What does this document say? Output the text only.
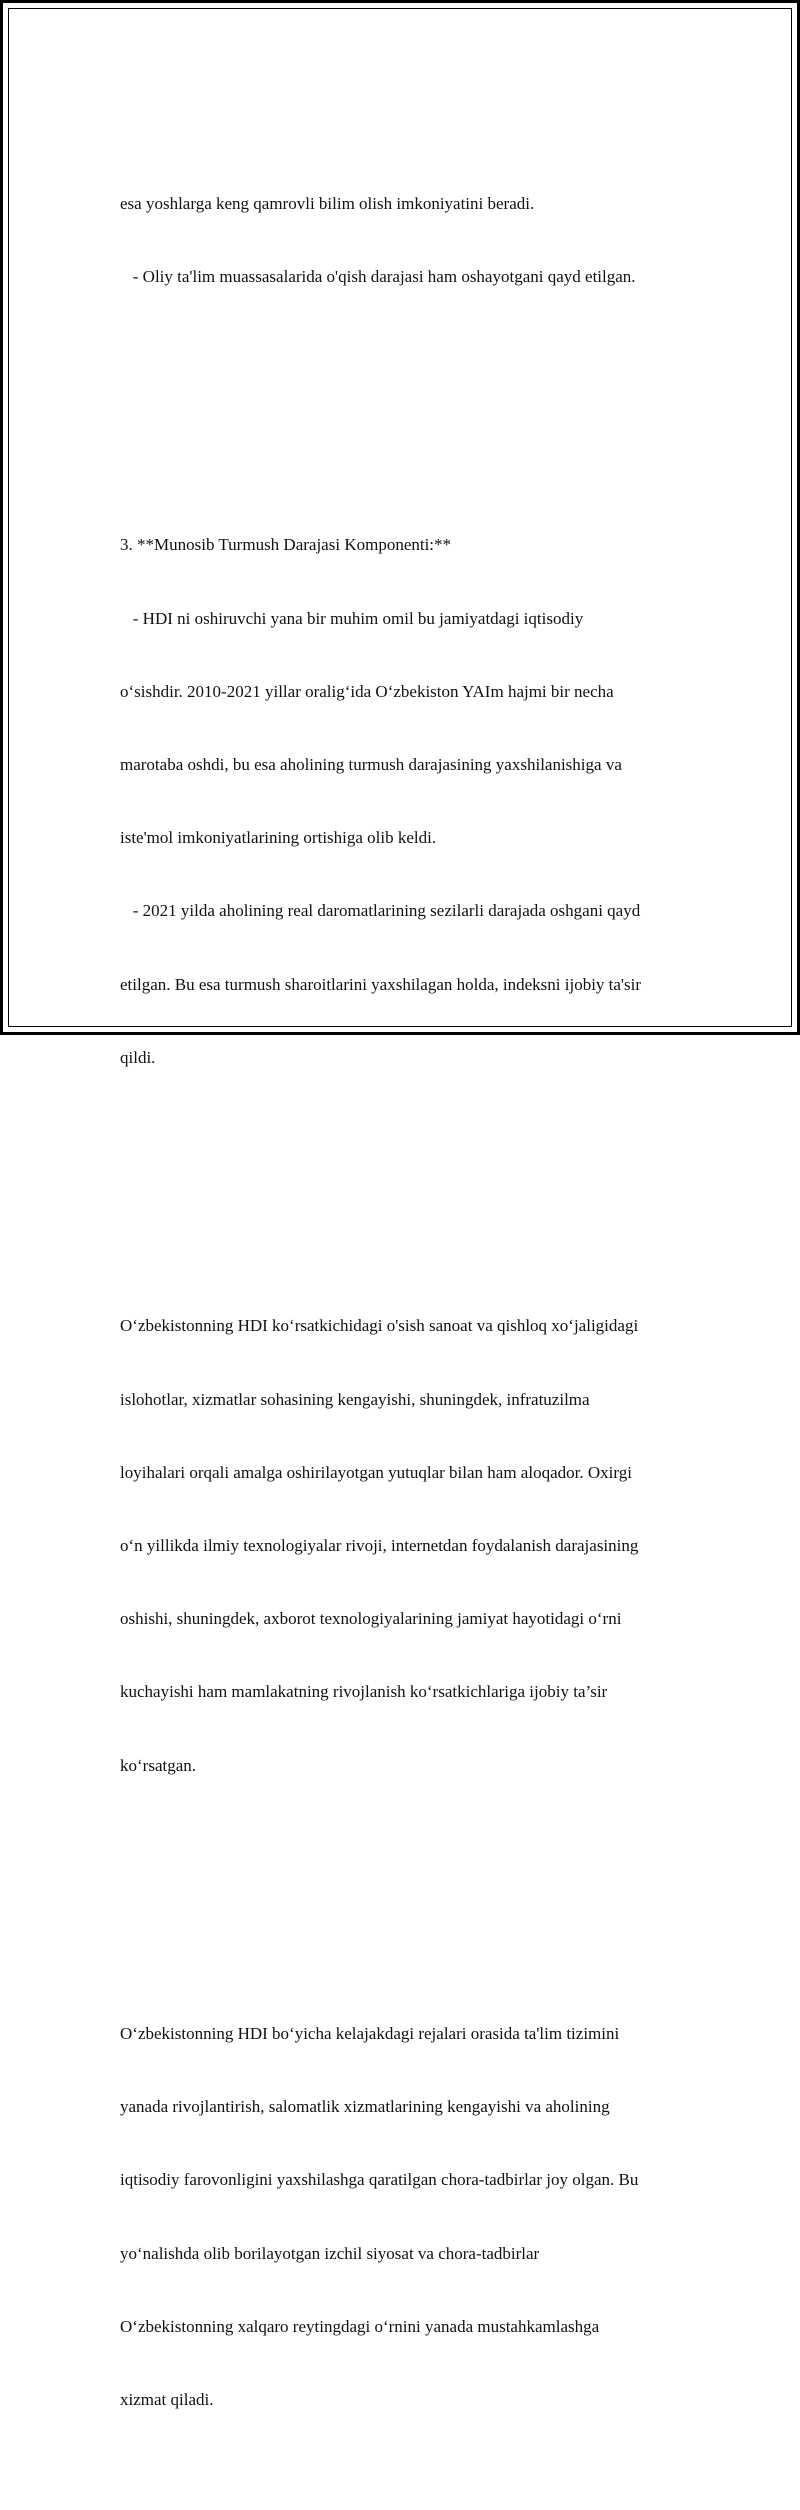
esa yoshlarga keng qamrovli bilim olish imkoniyatini beradi.

- Oliy ta'lim muassasalarida o'qish darajasi ham oshayotgani qayd etilgan.

3. **Munosib Turmush Darajasi Komponenti:**

- HDI ni oshiruvchi yana bir muhim omil bu jamiyatdagi iqtisodiy

o‘sishdir. 2010-2021 yillar oralig‘ida O‘zbekiston YAIm hajmi bir necha

marotaba oshdi, bu esa aholining turmush darajasining yaxshilanishiga va

iste'mol imkoniyatlarining ortishiga olib keldi.

- 2021 yilda aholining real daromatlarining sezilarli darajada oshgani qayd

etilgan. Bu esa turmush sharoitlarini yaxshilagan holda, indeksni ijobiy ta'sir

qildi.

O‘zbekistonning HDI ko‘rsatkichidagi o'sish sanoat va qishloq xo‘jaligidagi

islohotlar, xizmatlar sohasining kengayishi, shuningdek, infratuzilma

loyihalari orqali amalga oshirilayotgan yutuqlar bilan ham aloqador. Oxirgi

o‘n yillikda ilmiy texnologiyalar rivoji, internetdan foydalanish darajasining

oshishi, shuningdek, axborot texnologiyalarining jamiyat hayotidagi o‘rni

kuchayishi ham mamlakatning rivojlanish ko‘rsatkichlariga ijobiy ta’sir

ko‘rsatgan.

O‘zbekistonning HDI bo‘yicha kelajakdagi rejalari orasida ta'lim tizimini

yanada rivojlantirish, salomatlik xizmatlarining kengayishi va aholining

iqtisodiy farovonligini yaxshilashga qaratilgan chora-tadbirlar joy olgan. Bu

yo‘nalishda olib borilayotgan izchil siyosat va chora-tadbirlar

O‘zbekistonning xalqaro reytingdagi o‘rnini yanada mustahkamlashga

xizmat qiladi.
